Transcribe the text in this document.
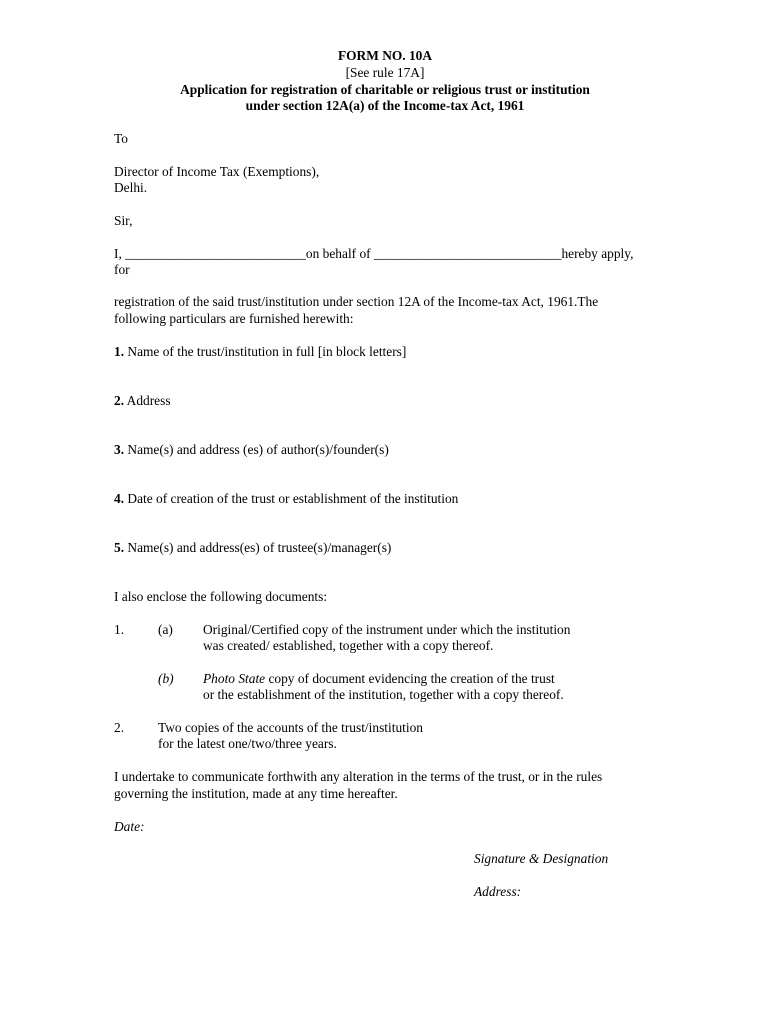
FORM NO. 10A
[See rule 17A]
Application for registration of charitable or religious trust or institution
under section 12A(a) of the Income-tax Act, 1961
To
Director of Income Tax (Exemptions),
Delhi.
Sir,
I, ___________________________on behalf of ____________________________hereby apply,
for
registration of the said trust/institution under section 12A of the Income-tax Act, 1961.The
following particulars are furnished herewith:
1. Name of the trust/institution in full [in block letters]
2. Address
3. Name(s) and address (es) of author(s)/founder(s)
4. Date of creation of the trust or establishment of the institution
5. Name(s) and address(es) of trustee(s)/manager(s)
I also enclose the following documents:
1.	(a) Original/Certified copy of the instrument under which the institution
was created/ established, together with a copy thereof.
(b) Photo State copy of document evidencing the creation of the trust
or the establishment of the institution, together with a copy thereof.
2.	Two copies of the accounts of the trust/institution
for the latest one/two/three years.
I undertake to communicate forthwith any alteration in the terms of the trust, or in the rules
governing the institution, made at any time hereafter.
Date:
Signature & Designation
Address:
